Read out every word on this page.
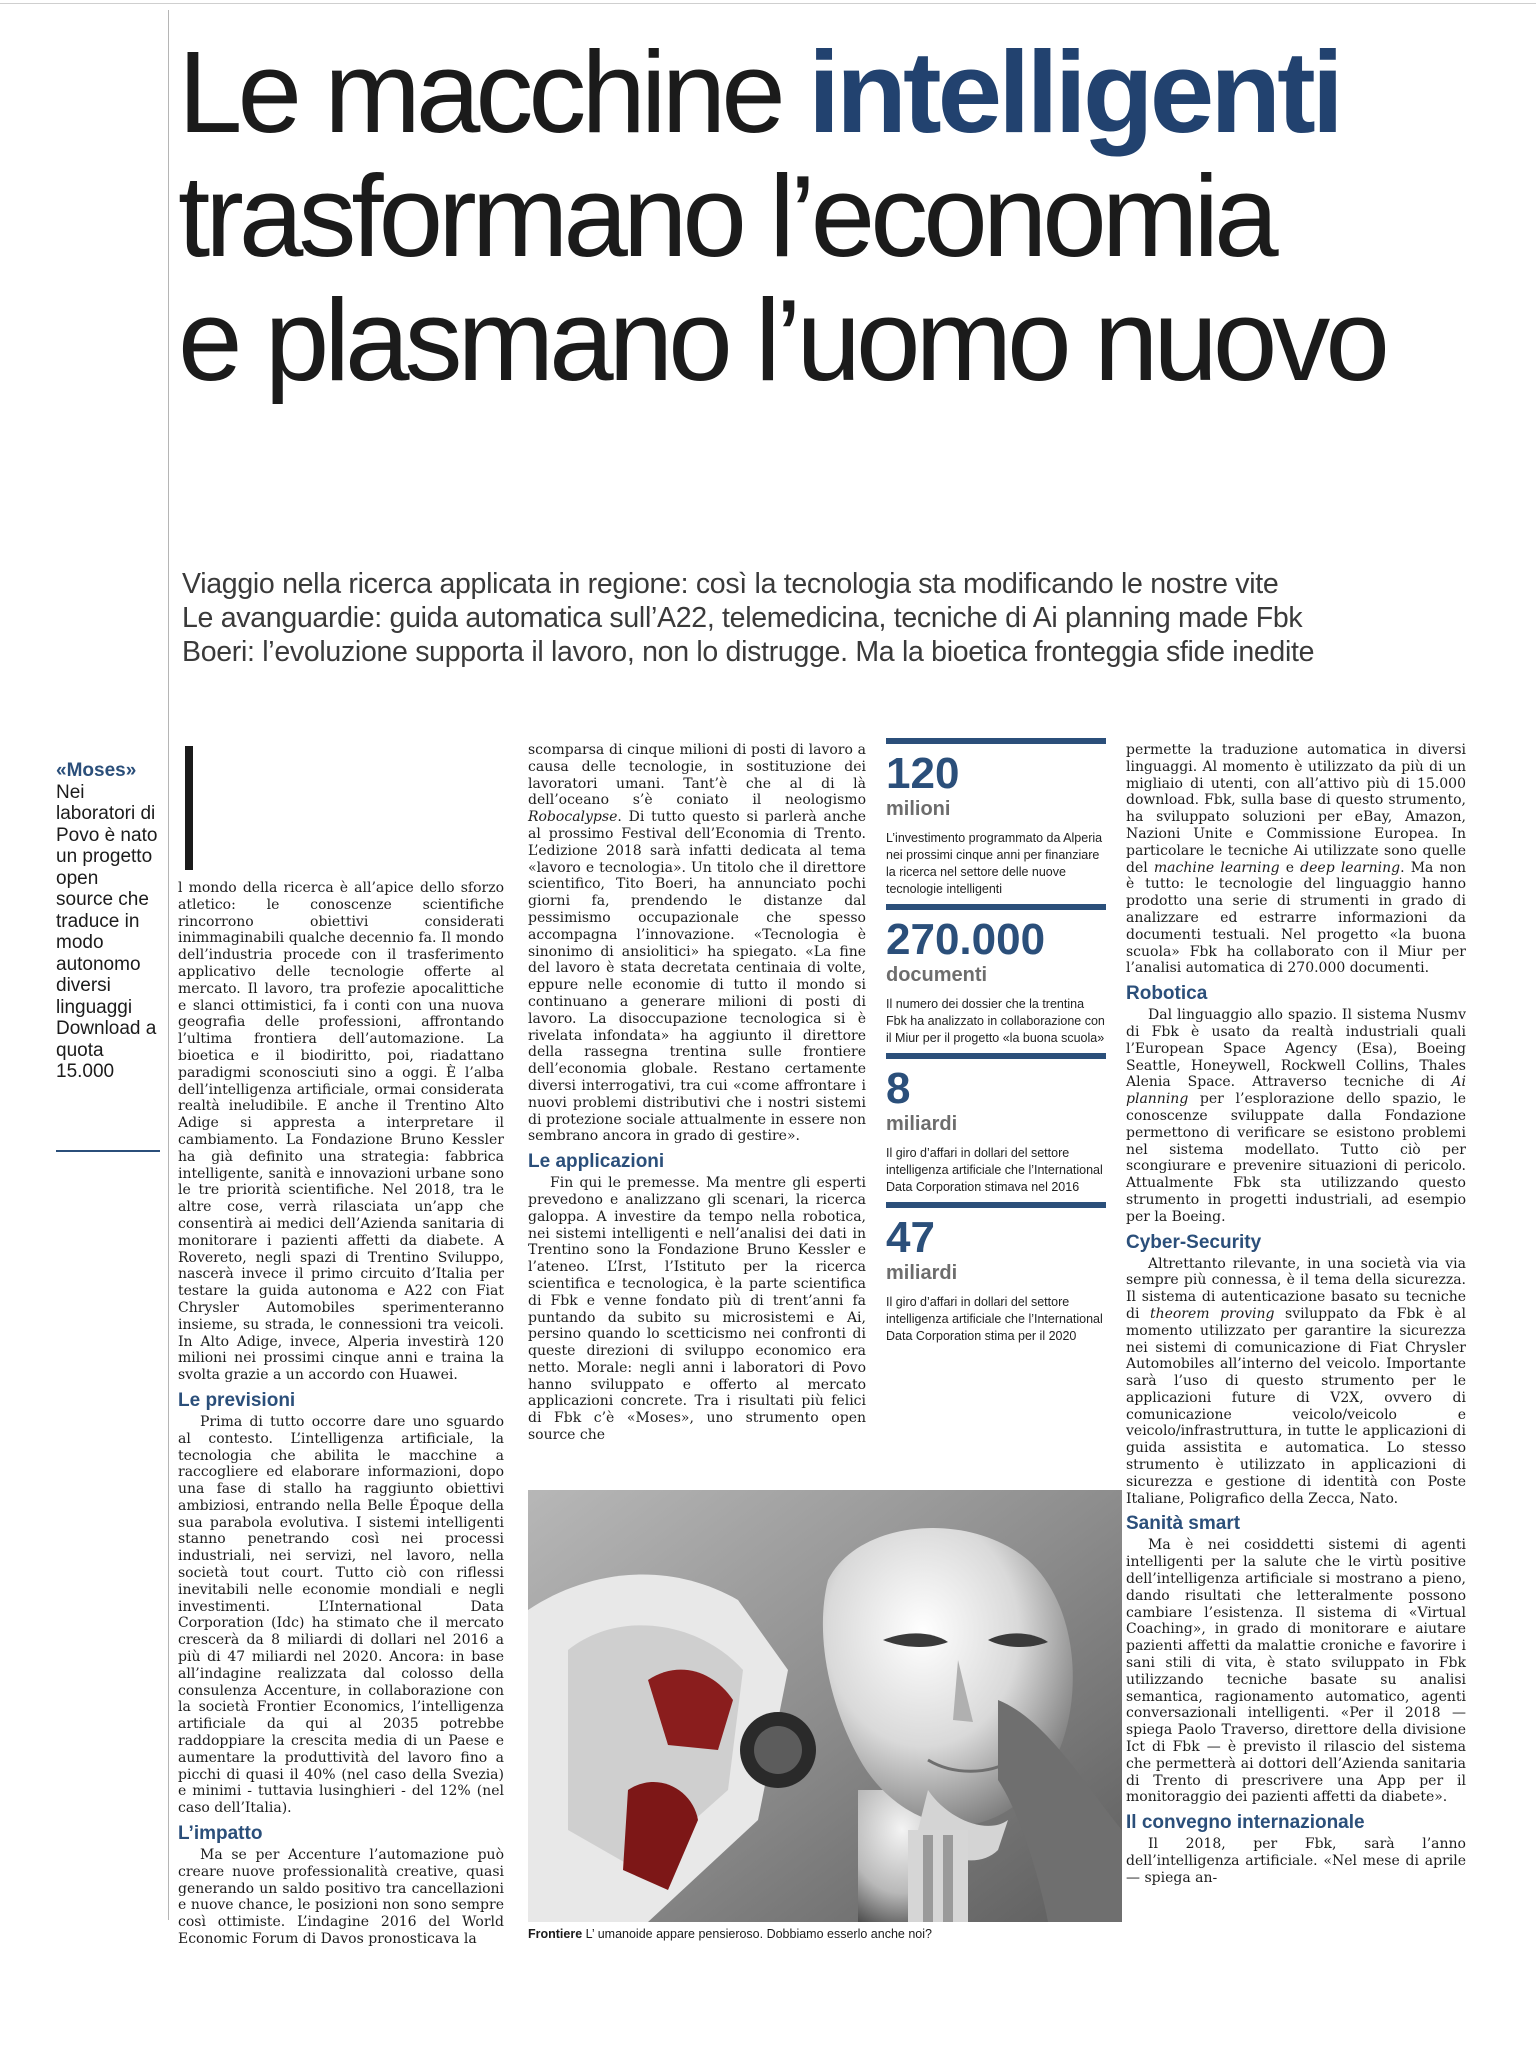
Le macchine intelligenti
trasformano l’economia
e plasmano l’uomo nuovo
Viaggio nella ricerca applicata in regione: così la tecnologia sta modificando le nostre vite
Le avanguardie: guida automatica sull’A22, telemedicina, tecniche di Ai planning made Fbk
Boeri: l’evoluzione supporta il lavoro, non lo distrugge. Ma la bioetica fronteggia sfide inedite
«Moses»
Nei laboratori di Povo è nato un progetto open source che traduce in modo autonomo diversi linguaggi Download a quota 15.000

l mondo della ricerca è all’apice dello sforzo atletico: le conoscenze scientifiche rincorrono obiettivi considerati inimmaginabili qualche decennio fa. Il mondo dell’industria procede con il trasferimento applicativo delle tecnologie offerte al mercato. Il lavoro, tra profezie apocalittiche e slanci ottimistici, fa i conti con una nuova geografia delle professioni, affrontando l’ultima frontiera dell’automazione. La bioetica e il biodiritto, poi, riadattano paradigmi sconosciuti sino a oggi. È l’alba dell’intelligenza artificiale, ormai considerata realtà ineludibile. E anche il Trentino Alto Adige si appresta a interpretare il cambiamento. La Fondazione Bruno Kessler ha già definito una strategia: fabbrica intelligente, sanità e innovazioni urbane sono le tre priorità scientifiche. Nel 2018, tra le altre cose, verrà rilasciata un’app che consentirà ai medici dell’Azienda sanitaria di monitorare i pazienti affetti da diabete. A Rovereto, negli spazi di Trentino Sviluppo, nascerà invece il primo circuito d’Italia per testare la guida autonoma e A22 con Fiat Chrysler Automobiles sperimenteranno insieme, su strada, le connessioni tra veicoli. In Alto Adige, invece, Alperia investirà 120 milioni nei prossimi cinque anni e traina la svolta grazie a un accordo con Huawei.

Le previsioni

Prima di tutto occorre dare uno sguardo al contesto. L’intelligenza artificiale, la tecnologia che abilita le macchine a raccogliere ed elaborare informazioni, dopo una fase di stallo ha raggiunto obiettivi ambiziosi, entrando nella Belle Époque della sua parabola evolutiva. I sistemi intelligenti stanno penetrando così nei processi industriali, nei servizi, nel lavoro, nella società tout court. Tutto ciò con riflessi inevitabili nelle economie mondiali e negli investimenti. L’International Data Corporation (Idc) ha stimato che il mercato crescerà da 8 miliardi di dollari nel 2016 a più di 47 miliardi nel 2020. Ancora: in base all’indagine realizzata dal colosso della consulenza Accenture, in collaborazione con la società Frontier Economics, l’intelligenza artificiale da qui al 2035 potrebbe raddoppiare la crescita media di un Paese e aumentare la produttività del lavoro fino a picchi di quasi il 40% (nel caso della Svezia) e minimi - tuttavia lusinghieri - del 12% (nel caso dell’Italia).

L’impatto

Ma se per Accenture l’automazione può creare nuove professionalità creative, quasi generando un saldo positivo tra cancellazioni e nuove chance, le posizioni non sono sempre così ottimiste. L’indagine 2016 del World Economic Forum di Davos pronosticava la

scomparsa di cinque milioni di posti di lavoro a causa delle tecnologie, in sostituzione dei lavoratori umani. Tant’è che al di là dell’oceano s’è coniato il neologismo Robocalypse. Di tutto questo si parlerà anche al prossimo Festival dell’Economia di Trento. L’edizione 2018 sarà infatti dedicata al tema «lavoro e tecnologia». Un titolo che il direttore scientifico, Tito Boeri, ha annunciato pochi giorni fa, prendendo le distanze dal pessimismo occupazionale che spesso accompagna l’innovazione. «Tecnologia è sinonimo di ansiolitici» ha spiegato. «La fine del lavoro è stata decretata centinaia di volte, eppure nelle economie di tutto il mondo si continuano a generare milioni di posti di lavoro. La disoccupazione tecnologica si è rivelata infondata» ha aggiunto il direttore della rassegna trentina sulle frontiere dell’economia globale. Restano certamente diversi interrogativi, tra cui «come affrontare i nuovi problemi distributivi che i nostri sistemi di protezione sociale attualmente in essere non sembrano ancora in grado di gestire».

Le applicazioni

Fin qui le premesse. Ma mentre gli esperti prevedono e analizzano gli scenari, la ricerca galoppa. A investire da tempo nella robotica, nei sistemi intelligenti e nell’analisi dei dati in Trentino sono la Fondazione Bruno Kessler e l’ateneo. L’Irst, l’Istituto per la ricerca scientifica e tecnologica, è la parte scientifica di Fbk e venne fondato più di trent’anni fa puntando da subito su microsistemi e Ai, persino quando lo scetticismo nei confronti di queste direzioni di sviluppo economico era netto. Morale: negli anni i laboratori di Povo hanno sviluppato e offerto al mercato applicazioni concrete. Tra i risultati più felici di Fbk c’è «Moses», uno strumento open source che

120
milioni
L’investimento programmato da Alperia nei prossimi cinque anni per finanziare la ricerca nel settore delle nuove tecnologie intelligenti
270.000
documenti
Il numero dei dossier che la trentina Fbk ha analizzato in collaborazione con il Miur per il progetto «la buona scuola»
8
miliardi
Il giro d’affari in dollari del settore intelligenza artificiale che l’International Data Corporation stimava nel 2016
47
miliardi
Il giro d’affari in dollari del settore intelligenza artificiale che l’International Data Corporation stima per il 2020

permette la traduzione automatica in diversi linguaggi. Al momento è utilizzato da più di un migliaio di utenti, con all’attivo più di 15.000 download. Fbk, sulla base di questo strumento, ha sviluppato soluzioni per eBay, Amazon, Nazioni Unite e Commissione Europea. In particolare le tecniche Ai utilizzate sono quelle del machine learning e deep learning. Ma non è tutto: le tecnologie del linguaggio hanno prodotto una serie di strumenti in grado di analizzare ed estrarre informazioni da documenti testuali. Nel progetto «la buona scuola» Fbk ha collaborato con il Miur per l’analisi automatica di 270.000 documenti.

Robotica

Dal linguaggio allo spazio. Il sistema Nusmv di Fbk è usato da realtà industriali quali l’European Space Agency (Esa), Boeing Seattle, Honeywell, Rockwell Collins, Thales Alenia Space. Attraverso tecniche di Ai planning per l’esplorazione dello spazio, le conoscenze sviluppate dalla Fondazione permettono di verificare se esistono problemi nel sistema modellato. Tutto ciò per scongiurare e prevenire situazioni di pericolo. Attualmente Fbk sta utilizzando questo strumento in progetti industriali, ad esempio per la Boeing.

Cyber-Security

Altrettanto rilevante, in una società via via sempre più connessa, è il tema della sicurezza. Il sistema di autenticazione basato su tecniche di theorem proving sviluppato da Fbk è al momento utilizzato per garantire la sicurezza nei sistemi di comunicazione di Fiat Chrysler Automobiles all’interno del veicolo. Importante sarà l’uso di questo strumento per le applicazioni future di V2X, ovvero di comunicazione veicolo/veicolo e veicolo/infrastruttura, in tutte le applicazioni di guida assistita e automatica. Lo stesso strumento è utilizzato in applicazioni di sicurezza e gestione di identità con Poste Italiane, Poligrafico della Zecca, Nato.

Sanità smart

Ma è nei cosiddetti sistemi di agenti intelligenti per la salute che le virtù positive dell’intelligenza artificiale si mostrano a pieno, dando risultati che letteralmente possono cambiare l’esistenza. Il sistema di «Virtual Coaching», in grado di monitorare e aiutare pazienti affetti da malattie croniche e favorire i sani stili di vita, è stato sviluppato in Fbk utilizzando tecniche basate su analisi semantica, ragionamento automatico, agenti conversazionali intelligenti. «Per il 2018 — spiega Paolo Traverso, direttore della divisione Ict di Fbk — è previsto il rilascio del sistema che permetterà ai dottori dell’Azienda sanitaria di Trento di prescrivere una App per il monitoraggio dei pazienti affetti da diabete».

Il convegno internazionale

Il 2018, per Fbk, sarà l’anno dell’intelligenza artificiale. «Nel mese di aprile — spiega an-

Frontiere L’ umanoide appare pensieroso. Dobbiamo esserlo anche noi?
